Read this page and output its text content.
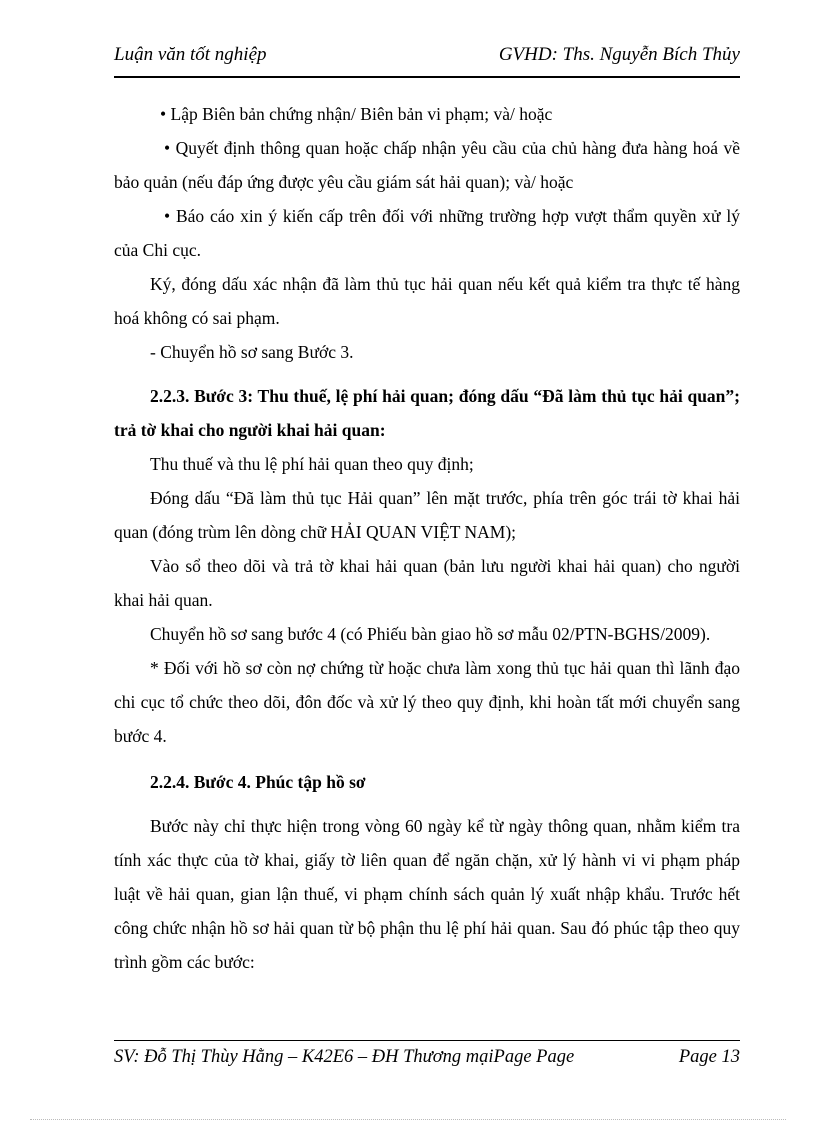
Luận văn tốt nghiệp	GVHD: Ths. Nguyễn Bích Thủy

• Lập Biên bản chứng nhận/ Biên bản vi phạm; và/ hoặc

• Quyết định thông quan hoặc chấp nhận yêu cầu của chủ hàng đưa hàng hoá về bảo quản (nếu đáp ứng được yêu cầu giám sát hải quan); và/ hoặc

• Báo cáo xin ý kiến cấp trên đối với những trường hợp vượt thẩm quyền xử lý của Chi cục.

Ký, đóng dấu xác nhận đã làm thủ tục hải quan nếu kết quả kiểm tra thực tế hàng hoá không có sai phạm.

- Chuyển hồ sơ sang Bước 3.

2.2.3. Bước 3: Thu thuế, lệ phí hải quan; đóng dấu “Đã làm thủ tục hải quan”; trả tờ khai cho người khai hải quan:

Thu thuế và thu lệ phí hải quan theo quy định;

Đóng dấu “Đã làm thủ tục Hải quan” lên mặt trước, phía trên góc trái tờ khai hải quan (đóng trùm lên dòng chữ HẢI QUAN VIỆT NAM);

Vào sổ theo dõi và trả tờ khai hải quan (bản lưu người khai hải quan) cho người khai hải quan.

Chuyển hồ sơ sang bước 4 (có Phiếu bàn giao hồ sơ mẫu 02/PTN-BGHS/2009).

* Đối với hồ sơ còn nợ chứng từ hoặc chưa làm xong thủ tục hải quan thì lãnh đạo chi cục tổ chức theo dõi, đôn đốc và xử lý theo quy định, khi hoàn tất mới chuyển sang bước 4.

2.2.4. Bước 4. Phúc tập hồ sơ

Bước này chỉ thực hiện trong vòng 60 ngày kể từ ngày thông quan, nhằm kiểm tra tính xác thực của tờ khai, giấy tờ liên quan để ngăn chặn, xử lý hành vi vi phạm pháp luật về hải quan, gian lận thuế, vi phạm chính sách quản lý xuất nhập khẩu. Trước hết công chức nhận hồ sơ hải quan từ bộ phận thu lệ phí hải quan. Sau đó phúc tập theo quy trình gồm các bước:

SV: Đỗ Thị Thùy Hằng – K42E6 – ĐH Thương mạiPage Page	Page 13
